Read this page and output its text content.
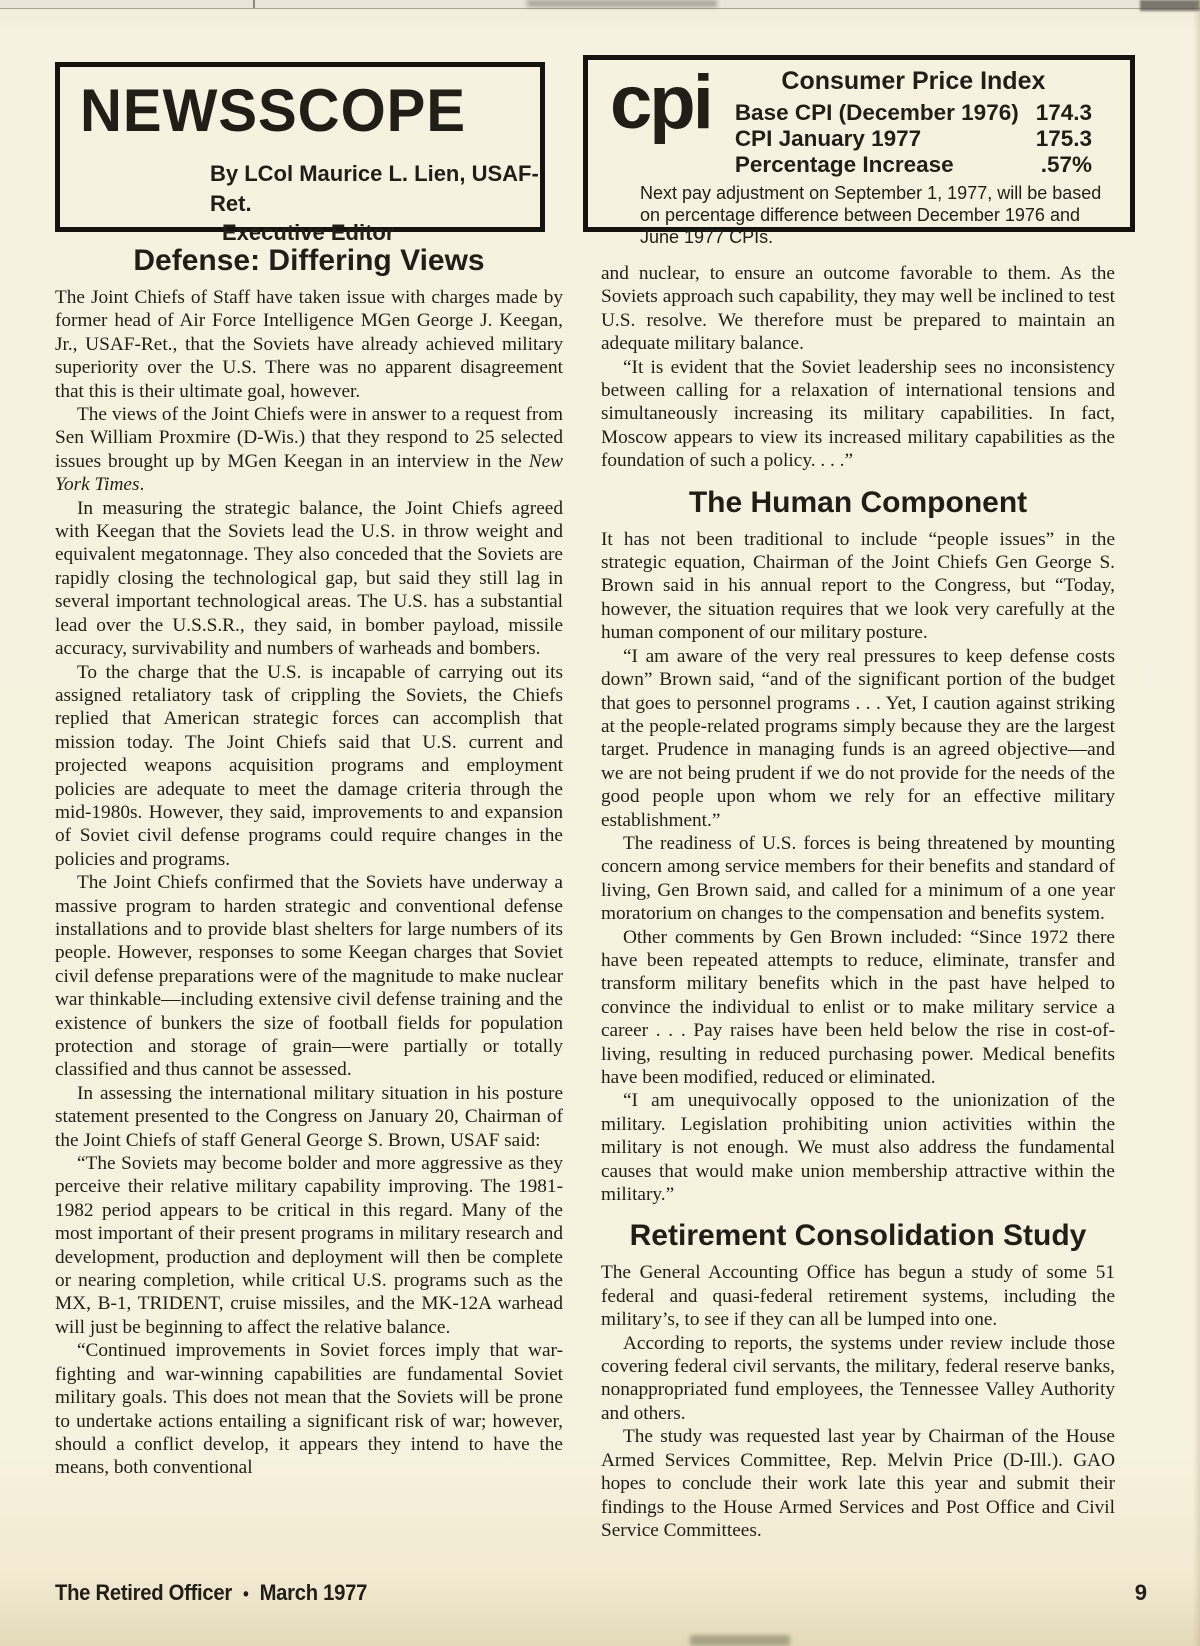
NEWSSCOPE
By LCol Maurice L. Lien, USAF-Ret.
Executive Editor
cpi	Consumer Price Index
Base CPI (December 1976) 174.3
CPI January 1977	175.3
Percentage Increase	.57%
Next pay adjustment on September 1, 1977, will be based on percentage difference between December 1976 and June 1977 CPIs.
Defense: Differing Views

The Joint Chiefs of Staff have taken issue with charges made by former head of Air Force Intelligence MGen George J. Keegan, Jr., USAF-Ret., that the Soviets have already achieved military superiority over the U.S. There was no apparent disagreement that this is their ultimate goal, however.

The views of the Joint Chiefs were in answer to a request from Sen William Proxmire (D-Wis.) that they respond to 25 selected issues brought up by MGen Keegan in an interview in the New York Times.

In measuring the strategic balance, the Joint Chiefs agreed with Keegan that the Soviets lead the U.S. in throw weight and equivalent megatonnage. They also conceded that the Soviets are rapidly closing the technological gap, but said they still lag in several important technological areas. The U.S. has a substantial lead over the U.S.S.R., they said, in bomber payload, missile accuracy, survivability and numbers of warheads and bombers.

To the charge that the U.S. is incapable of carrying out its assigned retaliatory task of crippling the Soviets, the Chiefs replied that American strategic forces can accomplish that mission today. The Joint Chiefs said that U.S. current and projected weapons acquisition programs and employment policies are adequate to meet the damage criteria through the mid-1980s. However, they said, improvements to and expansion of Soviet civil defense programs could require changes in the policies and programs.

The Joint Chiefs confirmed that the Soviets have underway a massive program to harden strategic and conventional defense installations and to provide blast shelters for large numbers of its people. However, responses to some Keegan charges that Soviet civil defense preparations were of the magnitude to make nuclear war thinkable—including extensive civil defense training and the existence of bunkers the size of football fields for population protection and storage of grain—were partially or totally classified and thus cannot be assessed.

In assessing the international military situation in his posture statement presented to the Congress on January 20, Chairman of the Joint Chiefs of staff General George S. Brown, USAF said:

“The Soviets may become bolder and more aggressive as they perceive their relative military capability improving. The 1981-1982 period appears to be critical in this regard. Many of the most important of their present programs in military research and development, production and deployment will then be complete or nearing completion, while critical U.S. programs such as the MX, B-1, TRIDENT, cruise missiles, and the MK-12A warhead will just be beginning to affect the relative balance.

“Continued improvements in Soviet forces imply that war-fighting and war-winning capabilities are fundamental Soviet military goals. This does not mean that the Soviets will be prone to undertake actions entailing a significant risk of war; however, should a conflict develop, it appears they intend to have the means, both conventional

and nuclear, to ensure an outcome favorable to them. As the Soviets approach such capability, they may well be inclined to test U.S. resolve. We therefore must be prepared to maintain an adequate military balance.

“It is evident that the Soviet leadership sees no inconsistency between calling for a relaxation of international tensions and simultaneously increasing its military capabilities. In fact, Moscow appears to view its increased military capabilities as the foundation of such a policy. . . .”

The Human Component

It has not been traditional to include “people issues” in the strategic equation, Chairman of the Joint Chiefs Gen George S. Brown said in his annual report to the Congress, but “Today, however, the situation requires that we look very carefully at the human component of our military posture.

“I am aware of the very real pressures to keep defense costs down” Brown said, “and of the significant portion of the budget that goes to personnel programs . . . Yet, I caution against striking at the people-related programs simply because they are the largest target. Prudence in managing funds is an agreed objective—and we are not being prudent if we do not provide for the needs of the good people upon whom we rely for an effective military establishment.”

The readiness of U.S. forces is being threatened by mounting concern among service members for their benefits and standard of living, Gen Brown said, and called for a minimum of a one year moratorium on changes to the compensation and benefits system.

Other comments by Gen Brown included: “Since 1972 there have been repeated attempts to reduce, eliminate, transfer and transform military benefits which in the past have helped to convince the individual to enlist or to make military service a career . . . Pay raises have been held below the rise in cost-of-living, resulting in reduced purchasing power. Medical benefits have been modified, reduced or eliminated.

“I am unequivocally opposed to the unionization of the military. Legislation prohibiting union activities within the military is not enough. We must also address the fundamental causes that would make union membership attractive within the military.”

Retirement Consolidation Study

The General Accounting Office has begun a study of some 51 federal and quasi-federal retirement systems, including the military’s, to see if they can all be lumped into one.

According to reports, the systems under review include those covering federal civil servants, the military, federal reserve banks, nonappropriated fund employees, the Tennessee Valley Authority and others.

The study was requested last year by Chairman of the House Armed Services Committee, Rep. Melvin Price (D-Ill.). GAO hopes to conclude their work late this year and submit their findings to the House Armed Services and Post Office and Civil Service Committees.

The Retired Officer • March 1977	9
